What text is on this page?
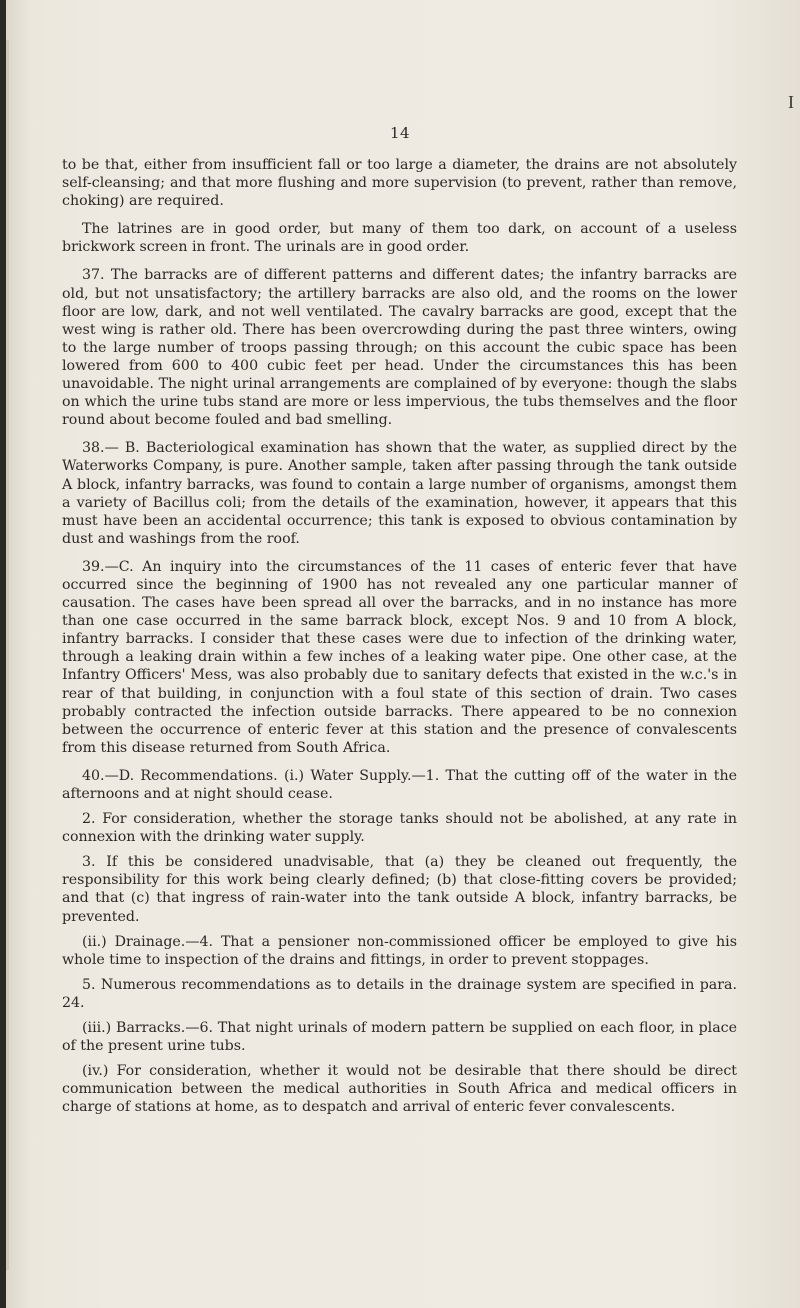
I
14

to be that, either from insufficient fall or too large a diameter, the drains are not absolutely self-cleansing; and that more flushing and more supervision (to prevent, rather than remove, choking) are required.

The latrines are in good order, but many of them too dark, on account of a useless brickwork screen in front. The urinals are in good order.

37. The barracks are of different patterns and different dates; the infantry barracks are old, but not unsatisfactory; the artillery barracks are also old, and the rooms on the lower floor are low, dark, and not well ventilated. The cavalry barracks are good, except that the west wing is rather old. There has been overcrowding during the past three winters, owing to the large number of troops passing through; on this account the cubic space has been lowered from 600 to 400 cubic feet per head. Under the circumstances this has been unavoidable. The night urinal arrangements are complained of by everyone: though the slabs on which the urine tubs stand are more or less impervious, the tubs themselves and the floor round about become fouled and bad smelling.

38.— B. Bacteriological examination has shown that the water, as supplied direct by the Waterworks Company, is pure. Another sample, taken after passing through the tank outside A block, infantry barracks, was found to contain a large number of organisms, amongst them a variety of Bacillus coli; from the details of the examination, however, it appears that this must have been an accidental occurrence; this tank is exposed to obvious contamination by dust and washings from the roof.

39.—C. An inquiry into the circumstances of the 11 cases of enteric fever that have occurred since the beginning of 1900 has not revealed any one particular manner of causation. The cases have been spread all over the barracks, and in no instance has more than one case occurred in the same barrack block, except Nos. 9 and 10 from A block, infantry barracks. I consider that these cases were due to infection of the drinking water, through a leaking drain within a few inches of a leaking water pipe. One other case, at the Infantry Officers' Mess, was also probably due to sanitary defects that existed in the w.c.'s in rear of that building, in conjunction with a foul state of this section of drain. Two cases probably contracted the infection outside barracks. There appeared to be no connexion between the occurrence of enteric fever at this station and the presence of convalescents from this disease returned from South Africa.

40.—D. Recommendations. (i.) Water Supply.—1. That the cutting off of the water in the afternoons and at night should cease.

2. For consideration, whether the storage tanks should not be abolished, at any rate in connexion with the drinking water supply.

3. If this be considered unadvisable, that (a) they be cleaned out frequently, the responsibility for this work being clearly defined; (b) that close-fitting covers be provided; and that (c) that ingress of rain-water into the tank outside A block, infantry barracks, be prevented.

(ii.) Drainage.—4. That a pensioner non-commissioned officer be employed to give his whole time to inspection of the drains and fittings, in order to prevent stoppages.

5. Numerous recommendations as to details in the drainage system are specified in para. 24.

(iii.) Barracks.—6. That night urinals of modern pattern be supplied on each floor, in place of the present urine tubs.

(iv.) For consideration, whether it would not be desirable that there should be direct communication between the medical authorities in South Africa and medical officers in charge of stations at home, as to despatch and arrival of enteric fever convalescents.
